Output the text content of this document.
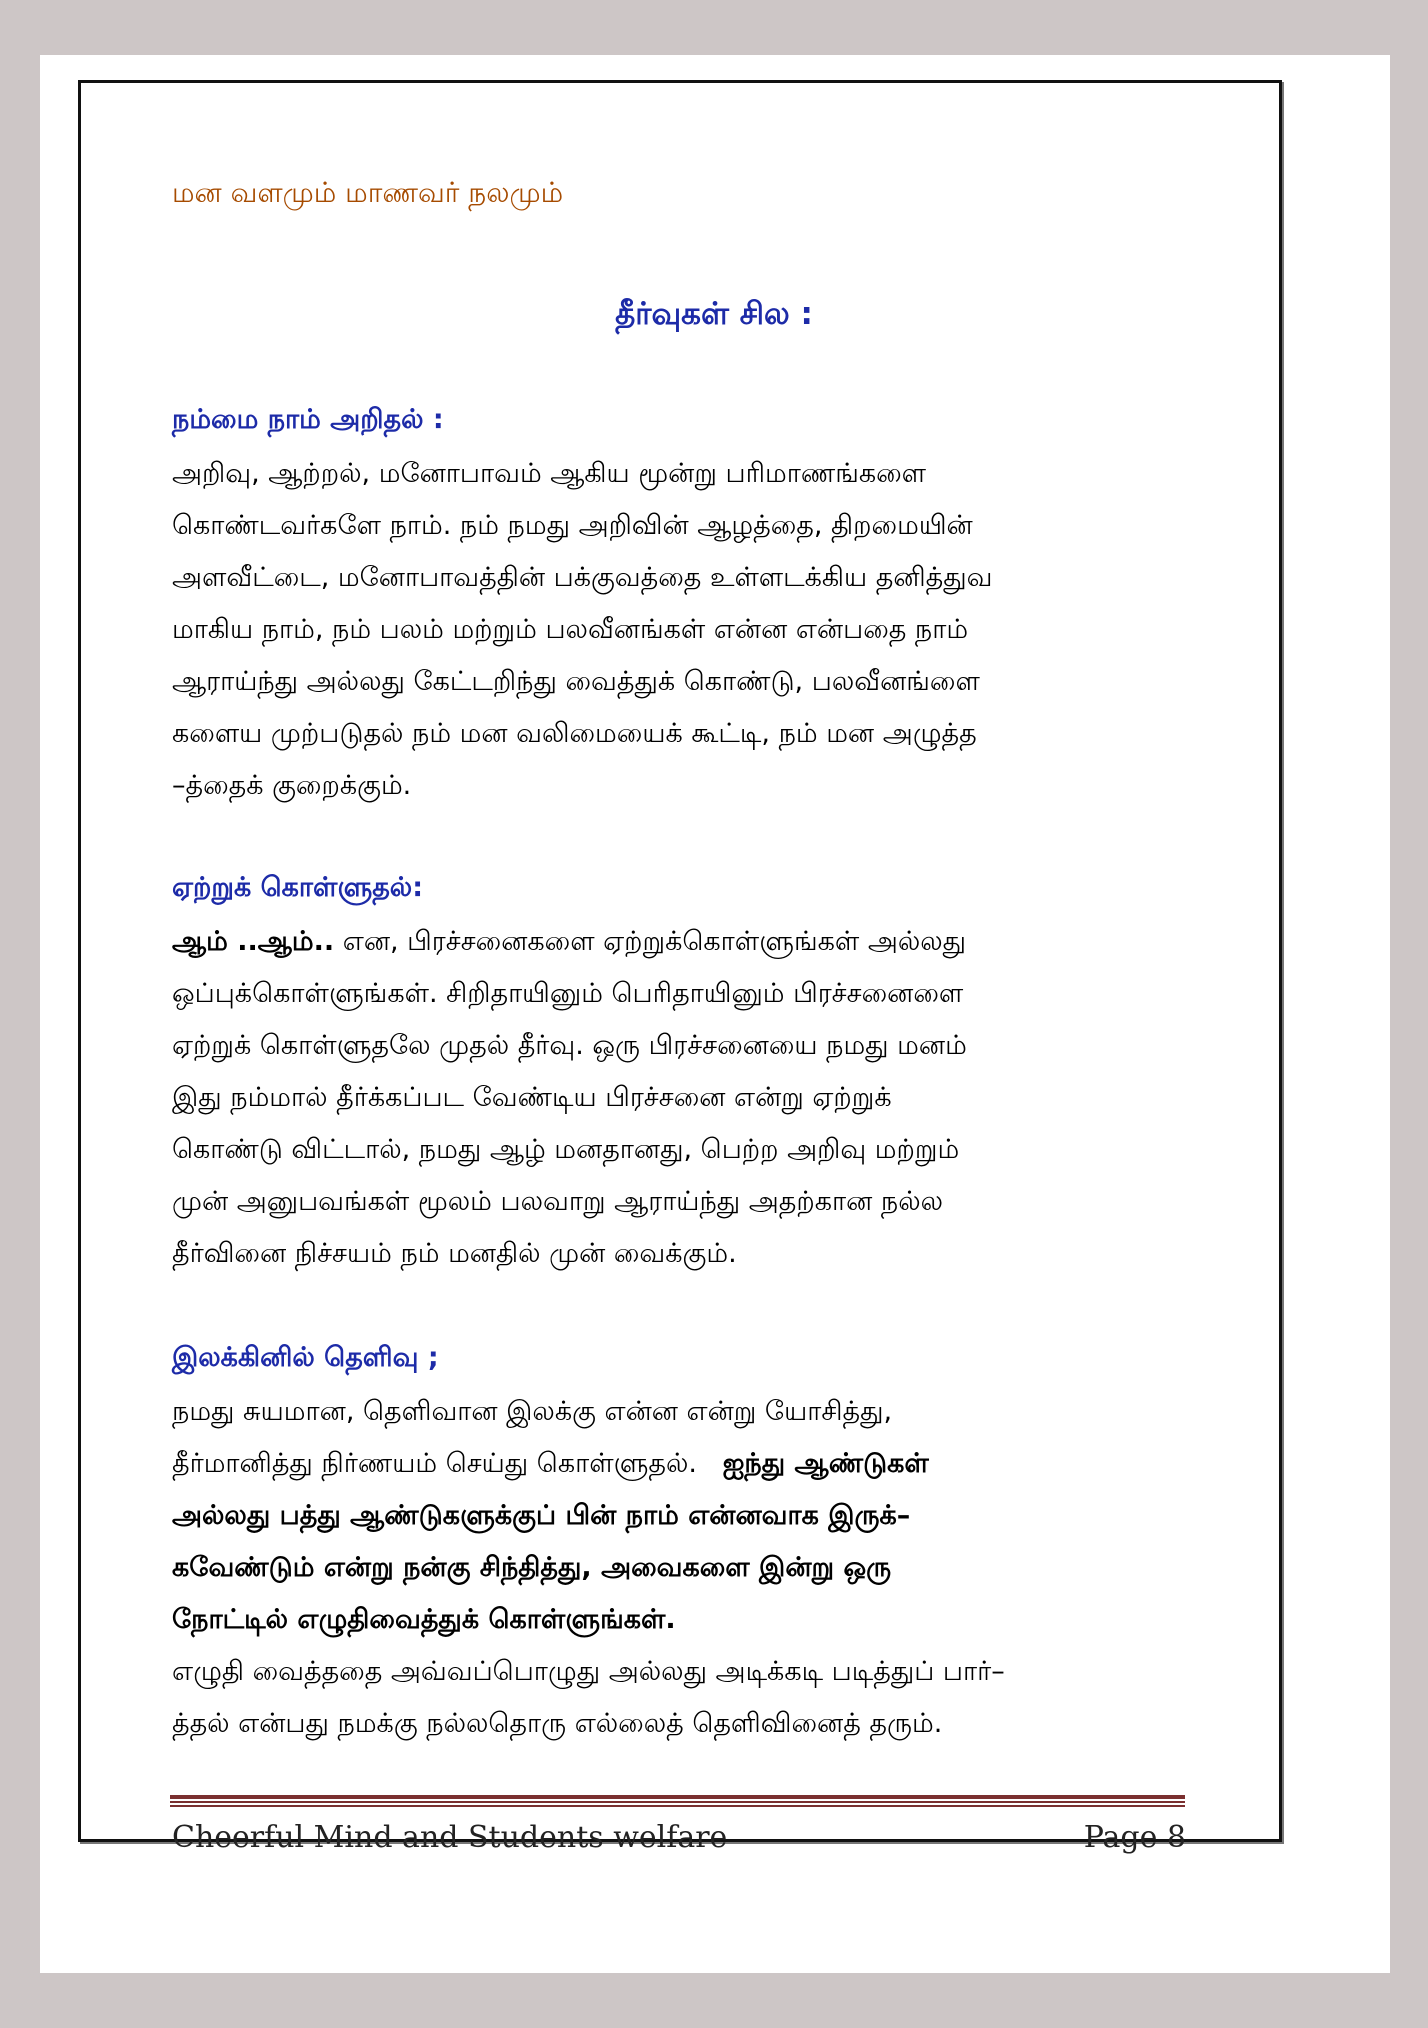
மன வளமும் மாணவர் நலமும்
தீர்வுகள் சில :
நம்மை நாம் அறிதல் :
அறிவு, ஆற்றல், மனோபாவம் ஆகிய மூன்று பரிமாணங்களை
கொண்டவர்களே நாம். நம் நமது அறிவின் ஆழத்தை, திறமையின்
அளவீட்டை, மனோபாவத்தின் பக்குவத்தை உள்ளடக்கிய தனித்துவ
மாகிய நாம், நம் பலம் மற்றும் பலவீனங்கள் என்ன என்பதை நாம்
ஆராய்ந்து அல்லது கேட்டறிந்து வைத்துக் கொண்டு, பலவீனங்ளை
களைய முற்படுதல் நம் மன வலிமையைக் கூட்டி, நம் மன அழுத்த
–த்தைக் குறைக்கும்.
ஏற்றுக் கொள்ளுதல்:
ஆம் ..ஆம்.. என, பிரச்சனைகளை ஏற்றுக்கொள்ளுங்கள் அல்லது
ஒப்புக்கொள்ளுங்கள். சிறிதாயினும் பெரிதாயினும் பிரச்சனைளை
ஏற்றுக் கொள்ளுதலே முதல் தீர்வு. ஒரு பிரச்சனையை நமது மனம்
இது நம்மால் தீர்க்கப்பட வேண்டிய பிரச்சனை என்று ஏற்றுக்
கொண்டு விட்டால், நமது ஆழ் மனதானது, பெற்ற அறிவு மற்றும்
முன் அனுபவங்கள் மூலம் பலவாறு ஆராய்ந்து அதற்கான நல்ல
தீர்வினை நிச்சயம் நம் மனதில் முன் வைக்கும்.
இலக்கினில் தெளிவு ;
நமது சுயமான, தெளிவான இலக்கு என்ன என்று யோசித்து,
தீர்மானித்து நிர்ணயம் செய்து கொள்ளுதல். ஐந்து ஆண்டுகள்
அல்லது பத்து ஆண்டுகளுக்குப் பின் நாம் என்னவாக இருக்–
கவேண்டும் என்று நன்கு சிந்தித்து, அவைகளை இன்று ஒரு
நோட்டில் எழுதிவைத்துக் கொள்ளுங்கள்.
எழுதி வைத்ததை அவ்வப்பொழுது அல்லது அடிக்கடி படித்துப் பார்–
த்தல் என்பது நமக்கு நல்லதொரு எல்லைத் தெளிவினைத் தரும்.
Cheerful Mind and Students welfare	Page 8
